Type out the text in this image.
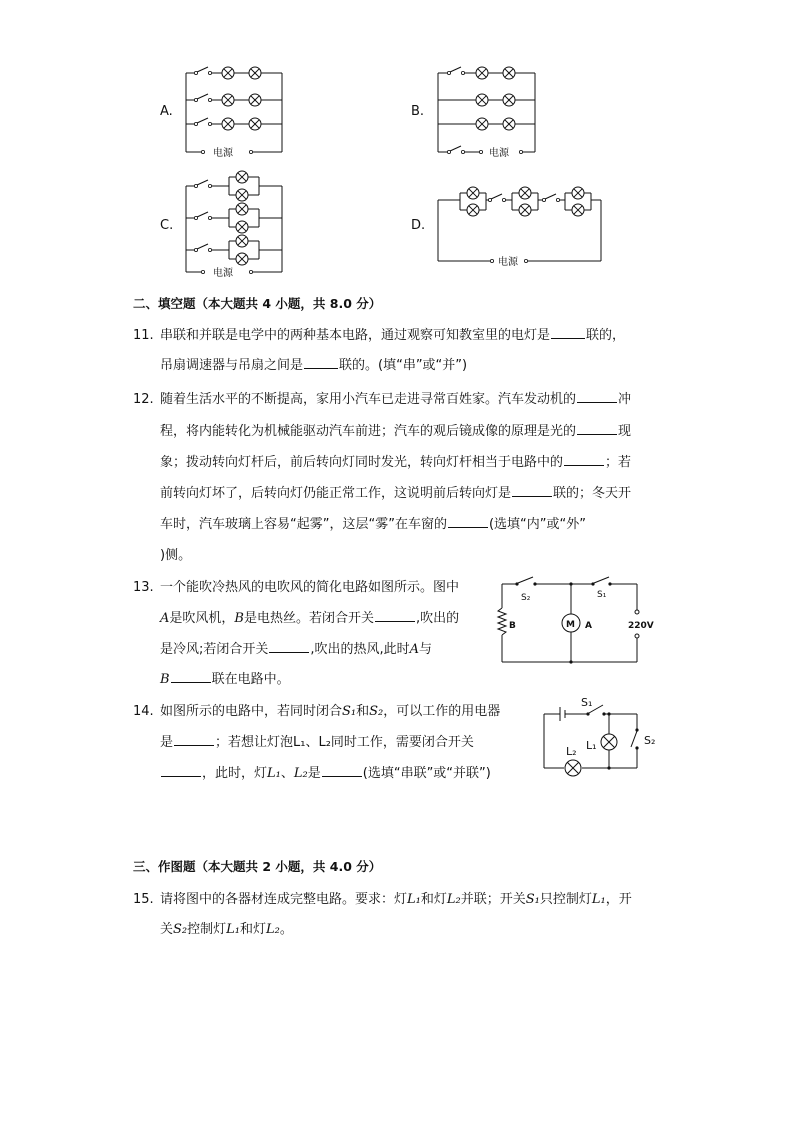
A.	B.
C.	D.
电源	电源
电源
电源
二、填空题（本大题共 4 小题，共 8.0 分）
11. 串联和并联是电学中的两种基本电路，通过观察可知教室里的电灯是	联的，
吊扇调速器与吊扇之间是	联的。(填“串”或“并”)
12. 随着生活水平的不断提高，家用小汽车已走进寻常百姓家。汽车发动机的	冲
程，将内能转化为机械能驱动汽车前进；汽车的观后镜成像的原理是光的	现
象；拨动转向灯杆后，前后转向灯同时发光，转向灯杆相当于电路中的	；若
前转向灯坏了，后转向灯仍能正常工作，这说明前后转向灯是	联的；冬天开
车时，汽车玻璃上容易“起雾”，这层“雾”在车窗的	(选填“内”或“外”
)侧。
13. 一个能吹冷热风的电吹风的简化电路如图所示。图中
A是吹风机，B是电热丝。若闭合开关	,吹出的
是冷风;若闭合开关	,吹出的热风,此时A与
B	联在电路中。
M
S₂	S₁
B	A	220V
14. 如图所示的电路中，若同时闭合S₁和S₂，可以工作的用电器
是	；若想让灯泡L₁、L₂同时工作，需要闭合开关
，此时，灯L₁、L₂是	(选填“串联”或“并联”)
S₁
S₂
L₁
L₂
三、作图题（本大题共 2 小题，共 4.0 分）
15. 请将图中的各器材连成完整电路。要求：灯L₁和灯L₂并联；开关S₁只控制灯L₁，开
关S₂控制灯L₁和灯L₂。
